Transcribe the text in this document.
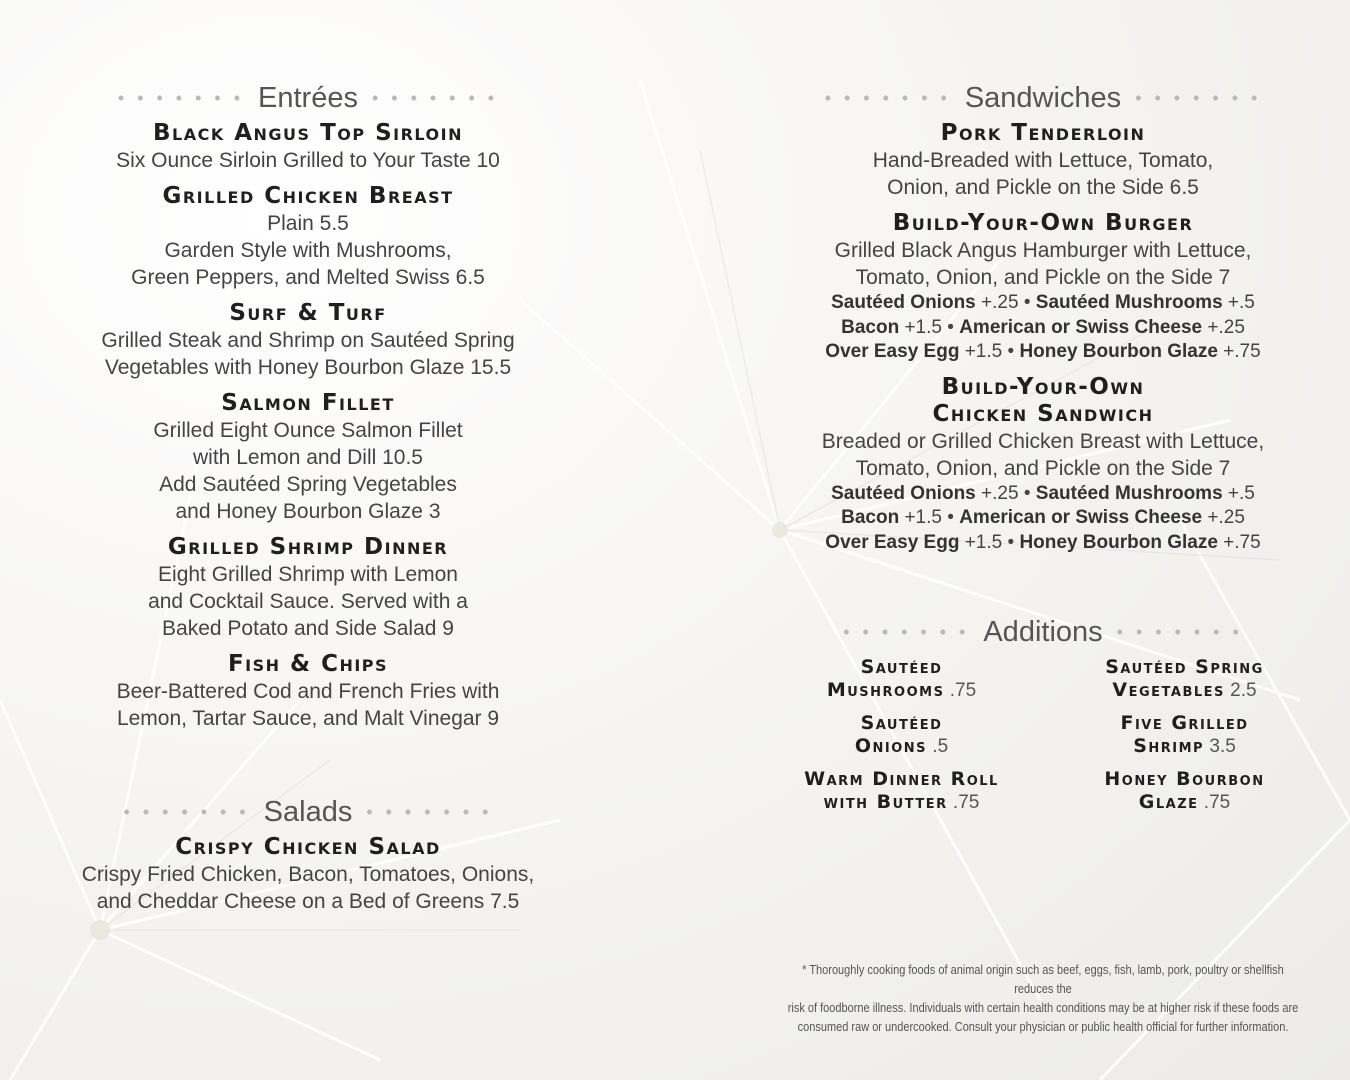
• • • • • • • Entrées • • • • • • •
Black Angus Top Sirloin
Six Ounce Sirloin Grilled to Your Taste 10
Grilled Chicken Breast
Plain 5.5
Garden Style with Mushrooms,
Green Peppers, and Melted Swiss 6.5
Surf & Turf
Grilled Steak and Shrimp on Sautéed Spring
Vegetables with Honey Bourbon Glaze 15.5
Salmon Fillet
Grilled Eight Ounce Salmon Fillet
with Lemon and Dill 10.5
Add Sautéed Spring Vegetables
and Honey Bourbon Glaze 3
Grilled Shrimp Dinner
Eight Grilled Shrimp with Lemon
and Cocktail Sauce. Served with a
Baked Potato and Side Salad 9
Fish & Chips
Beer-Battered Cod and French Fries with
Lemon, Tartar Sauce, and Malt Vinegar 9
• • • • • • • Salads • • • • • • •
Crispy Chicken Salad
Crispy Fried Chicken, Bacon, Tomatoes, Onions,
and Cheddar Cheese on a Bed of Greens 7.5
• • • • • • • Sandwiches • • • • • • •
Pork Tenderloin
Hand-Breaded with Lettuce, Tomato,
Onion, and Pickle on the Side 6.5
Build-Your-Own Burger
Grilled Black Angus Hamburger with Lettuce,
Tomato, Onion, and Pickle on the Side 7
Sautéed Onions +.25 • Sautéed Mushrooms +.5
Bacon +1.5 • American or Swiss Cheese +.25
Over Easy Egg +1.5 • Honey Bourbon Glaze +.75
Build-Your-Own
Chicken Sandwich
Breaded or Grilled Chicken Breast with Lettuce,
Tomato, Onion, and Pickle on the Side 7
Sautéed Onions +.25 • Sautéed Mushrooms +.5
Bacon +1.5 • American or Swiss Cheese +.25
Over Easy Egg +1.5 • Honey Bourbon Glaze +.75
• • • • • • • Additions • • • • • • •
Sautéed
Mushrooms .75
Sautéed Spring
Vegetables 2.5
Sautéed
Onions .5
Five Grilled
Shrimp 3.5
Warm Dinner Roll
with Butter .75
Honey Bourbon
Glaze .75
* Thoroughly cooking foods of animal origin such as beef, eggs, fish, lamb, pork, poultry or shellfish reduces the
risk of foodborne illness. Individuals with certain health conditions may be at higher risk if these foods are
consumed raw or undercooked. Consult your physician or public health official for further information.
